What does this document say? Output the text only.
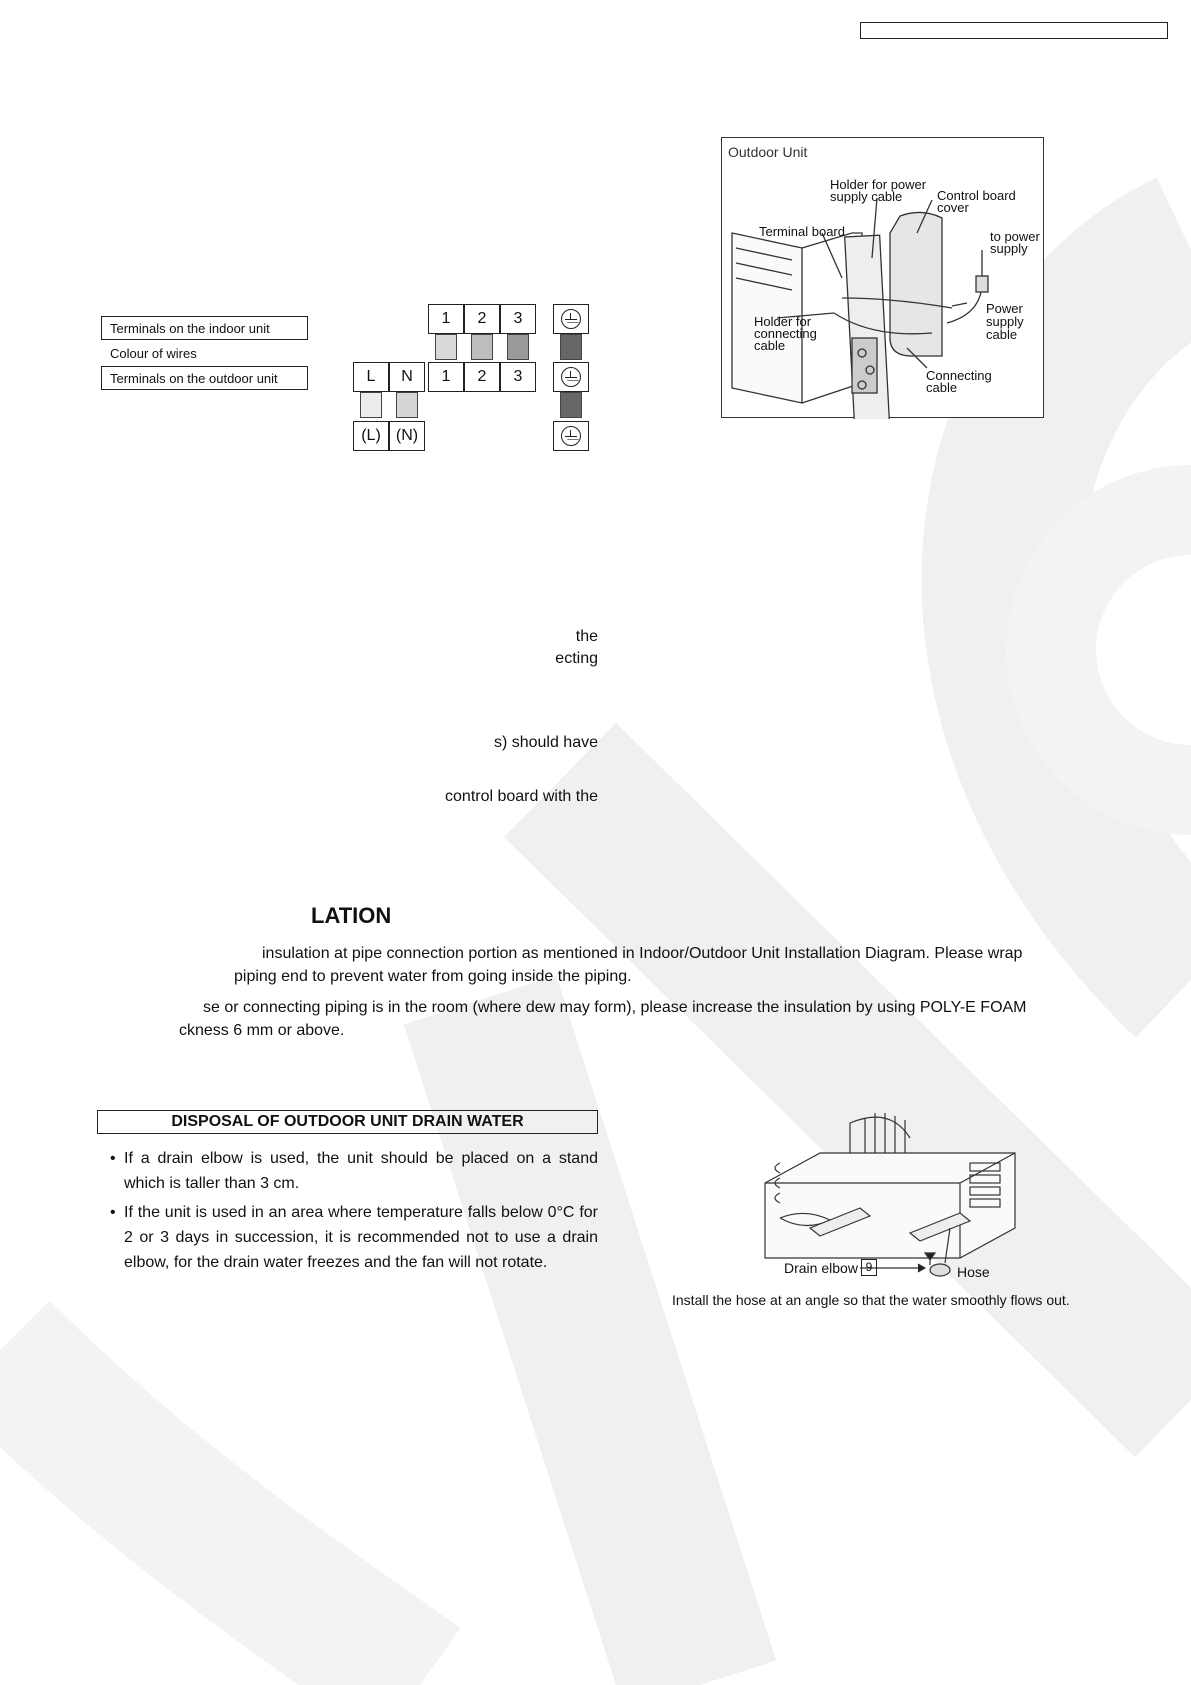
Terminals on the indoor unit
Colour of wires
Terminals on the outdoor unit
1	2	3
L	N	1	2	3
(L) (N)
Outdoor Unit
Holder for power supply cable	Control board cover
Terminal board	to power supply
Holder for connecting cable
Power supply cable
Connecting cable
the
ecting
s) should have
control board with the
LATION
insulation at pipe connection portion as mentioned in Indoor/Outdoor Unit Installation Diagram. Please wrap
piping end to prevent water from going inside the piping.
se or connecting piping is in the room (where dew may form), please increase the insulation by using POLY-E FOAM
ckness 6 mm or above.
DISPOSAL OF OUTDOOR UNIT DRAIN WATER
• If a drain elbow is used, the unit should be placed on a stand which is taller than 3 cm.
• If the unit is used in an area where temperature falls below 0°C for 2 or 3 days in succession, it is recommended not to use a drain elbow, for the drain water freezes and the fan will not rotate.	Drain elbow 9	Hose
Install the hose at an angle so that the water smoothly flows out.
